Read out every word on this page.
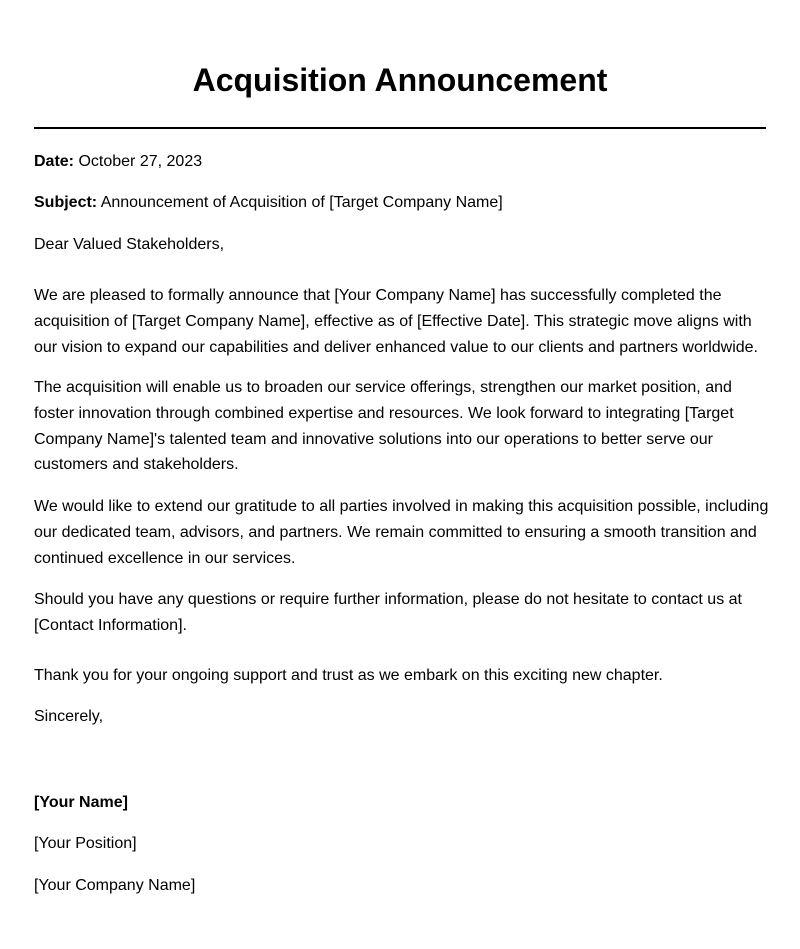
Acquisition Announcement

Date: October 27, 2023

Subject: Announcement of Acquisition of [Target Company Name]

Dear Valued Stakeholders,

We are pleased to formally announce that [Your Company Name] has successfully completed the acquisition of [Target Company Name], effective as of [Effective Date]. This strategic move aligns with our vision to expand our capabilities and deliver enhanced value to our clients and partners worldwide.

The acquisition will enable us to broaden our service offerings, strengthen our market position, and foster innovation through combined expertise and resources. We look forward to integrating [Target Company Name]'s talented team and innovative solutions into our operations to better serve our customers and stakeholders.

We would like to extend our gratitude to all parties involved in making this acquisition possible, including our dedicated team, advisors, and partners. We remain committed to ensuring a smooth transition and continued excellence in our services.

Should you have any questions or require further information, please do not hesitate to contact us at [Contact Information].

Thank you for your ongoing support and trust as we embark on this exciting new chapter.

Sincerely,

[Your Name]

[Your Position]

[Your Company Name]
